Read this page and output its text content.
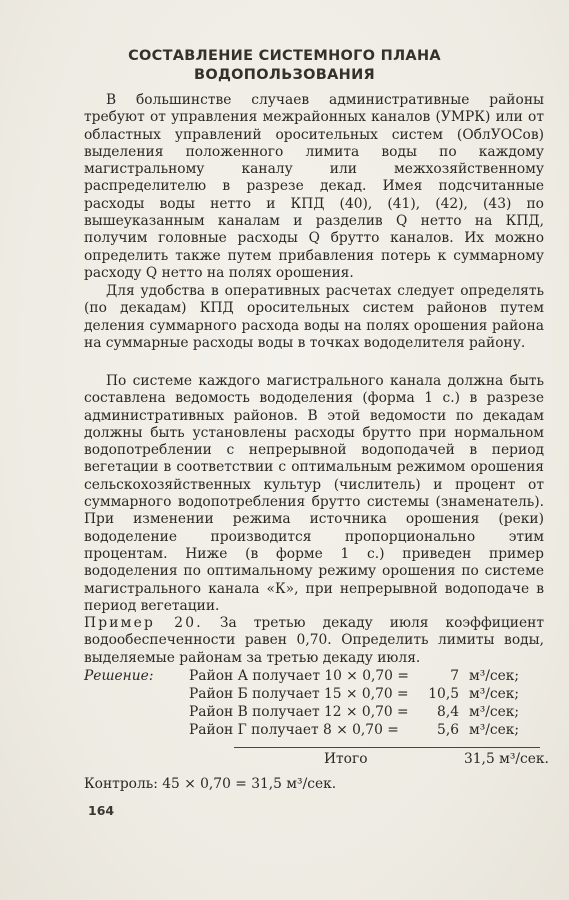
СОСТАВЛЕНИЕ СИСТЕМНОГО ПЛАНА
ВОДОПОЛЬЗОВАНИЯ

В большинстве случаев административные районы требуют от управления межрайонных каналов (УМРК) или от областных управлений оросительных систем (ОблУОСов) выделения положенного лимита воды по каждому магистральному каналу или межхозяйственному распределителю в разрезе декад. Имея подсчитанные расходы воды нетто и КПД (40), (41), (42), (43) по вышеуказанным каналам и разделив Q нетто на КПД, получим головные расходы Q брутто каналов. Их можно определить также путем прибавления потерь к суммарному расходу Q нетто на полях орошения.

Для удобства в оперативных расчетах следует определять (по декадам) КПД оросительных систем районов путем деления суммарного расхода воды на полях орошения района на суммарные расходы воды в точках вододелителя району.

По системе каждого магистрального канала должна быть составлена ведомость вододеления (форма 1 с.) в разрезе административных районов. В этой ведомости по декадам должны быть установлены расходы брутто при нормальном водопотреблении с непрерывной водоподачей в период вегетации в соответствии с оптимальным режимом орошения сельскохозяйственных культур (числитель) и процент от суммарного водопотребления брутто системы (знаменатель). При изменении режима источника орошения (реки) вододеление производится пропорционально этим процентам. Ниже (в форме 1 с.) приведен пример вододеления по оптимальному режиму орошения по системе магистрального канала «К», при непрерывной водоподаче в период вегетации.

Пример 20. За третью декаду июля коэффициент водообеспеченности равен 0,70. Определить лимиты воды, выделяемые районам за третью декаду июля.

Решение:	Район А получает 10 ⨯ 0,70 =	7 м³/сек;
Район Б получает 15 ⨯ 0,70 =	10,5 м³/сек;
Район В получает 12 ⨯ 0,70 =	8,4 м³/сек;
Район Г получает 8 ⨯ 0,70 =	5,6 м³/сек;
Итого	31,5 м³/сек.
Контроль: 45 ⨯ 0,70 = 31,5 м³/сек.
164
